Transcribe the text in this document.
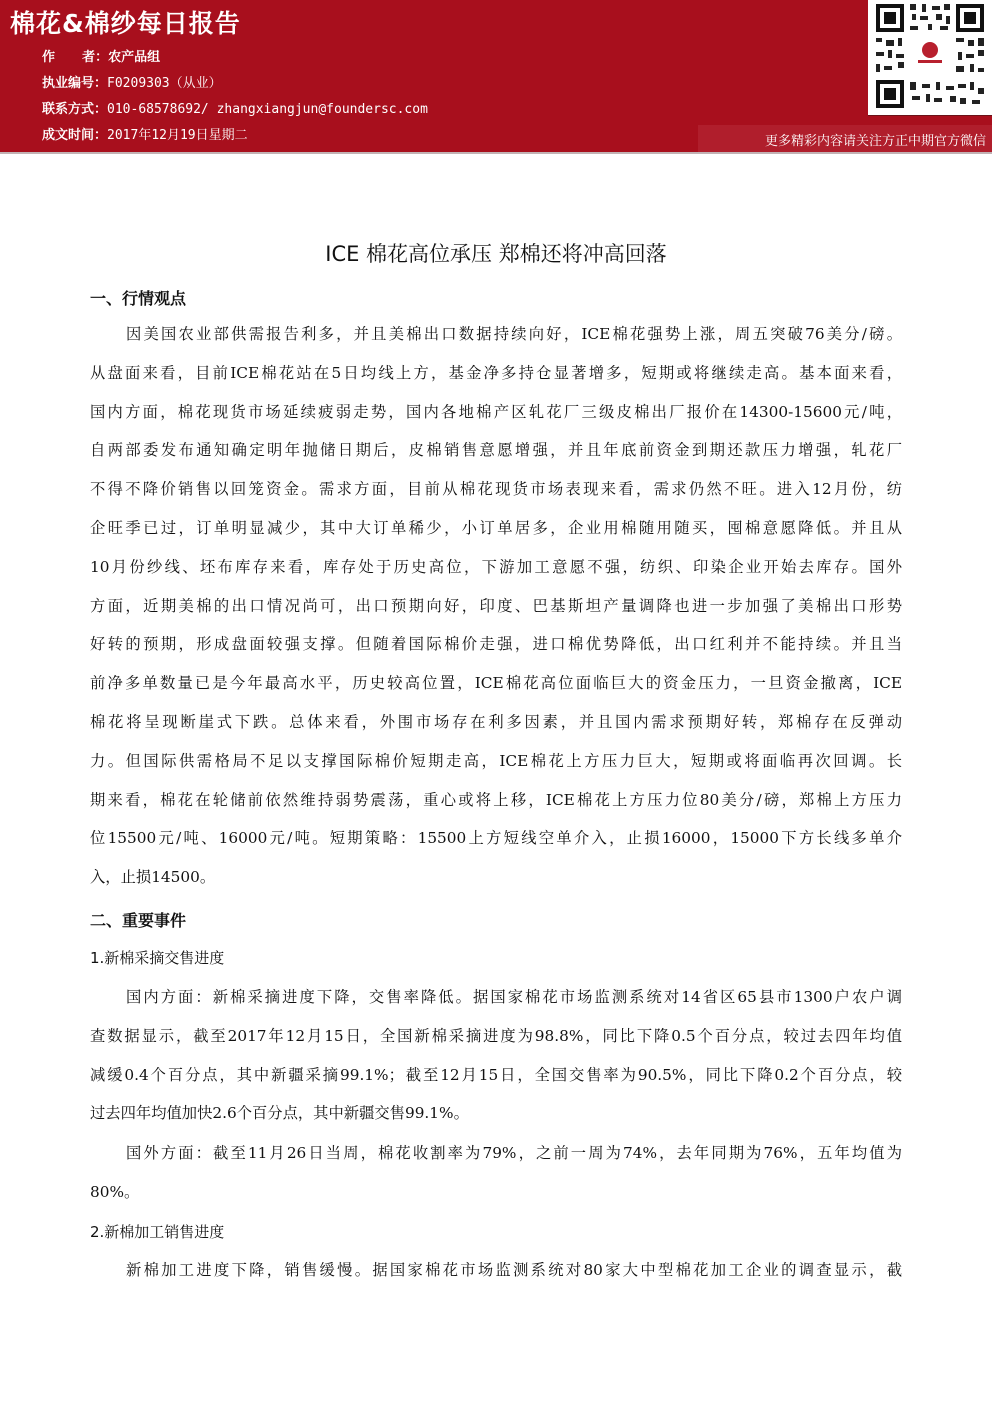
棉花&棉纱每日报告
作      者：农产品组
执业编号：F0209303（从业）
联系方式：010-68578692/ zhangxiangjun@foundersc.com
成文时间：2017年12月19日星期二	更多精彩内容请关注方正中期官方微信
ICE 棉花高位承压 郑棉还将冲高回落
一、行情观点
因美国农业部供需报告利多，并且美棉出口数据持续向好，ICE棉花强势上涨，周五突破76美分/磅。
从盘面来看，目前ICE棉花站在5日均线上方，基金净多持仓显著增多，短期或将继续走高。基本面来看，
国内方面，棉花现货市场延续疲弱走势，国内各地棉产区轧花厂三级皮棉出厂报价在14300-15600元/吨，
自两部委发布通知确定明年抛储日期后，皮棉销售意愿增强，并且年底前资金到期还款压力增强，轧花厂
不得不降价销售以回笼资金。需求方面，目前从棉花现货市场表现来看，需求仍然不旺。进入12月份，纺
企旺季已过，订单明显减少，其中大订单稀少，小订单居多，企业用棉随用随买，囤棉意愿降低。并且从
10月份纱线、坯布库存来看，库存处于历史高位，下游加工意愿不强，纺织、印染企业开始去库存。国外
方面，近期美棉的出口情况尚可，出口预期向好，印度、巴基斯坦产量调降也进一步加强了美棉出口形势
好转的预期，形成盘面较强支撑。但随着国际棉价走强，进口棉优势降低，出口红利并不能持续。并且当
前净多单数量已是今年最高水平，历史较高位置，ICE棉花高位面临巨大的资金压力，一旦资金撤离，ICE
棉花将呈现断崖式下跌。总体来看，外围市场存在利多因素，并且国内需求预期好转，郑棉存在反弹动
力。但国际供需格局不足以支撑国际棉价短期走高，ICE棉花上方压力巨大，短期或将面临再次回调。长
期来看，棉花在轮储前依然维持弱势震荡，重心或将上移，ICE棉花上方压力位80美分/磅，郑棉上方压力
位15500元/吨、16000元/吨。短期策略：15500上方短线空单介入，止损16000，15000下方长线多单介
入，止损14500。
二、重要事件
1.新棉采摘交售进度
国内方面：新棉采摘进度下降，交售率降低。据国家棉花市场监测系统对14省区65县市1300户农户调
查数据显示，截至2017年12月15日，全国新棉采摘进度为98.8%，同比下降0.5个百分点，较过去四年均值
减缓0.4个百分点，其中新疆采摘99.1%；截至12月15日，全国交售率为90.5%，同比下降0.2个百分点，较
过去四年均值加快2.6个百分点，其中新疆交售99.1%。
国外方面：截至11月26日当周，棉花收割率为79%，之前一周为74%，去年同期为76%，五年均值为
80%。
2.新棉加工销售进度
新棉加工进度下降，销售缓慢。据国家棉花市场监测系统对80家大中型棉花加工企业的调查显示，截
